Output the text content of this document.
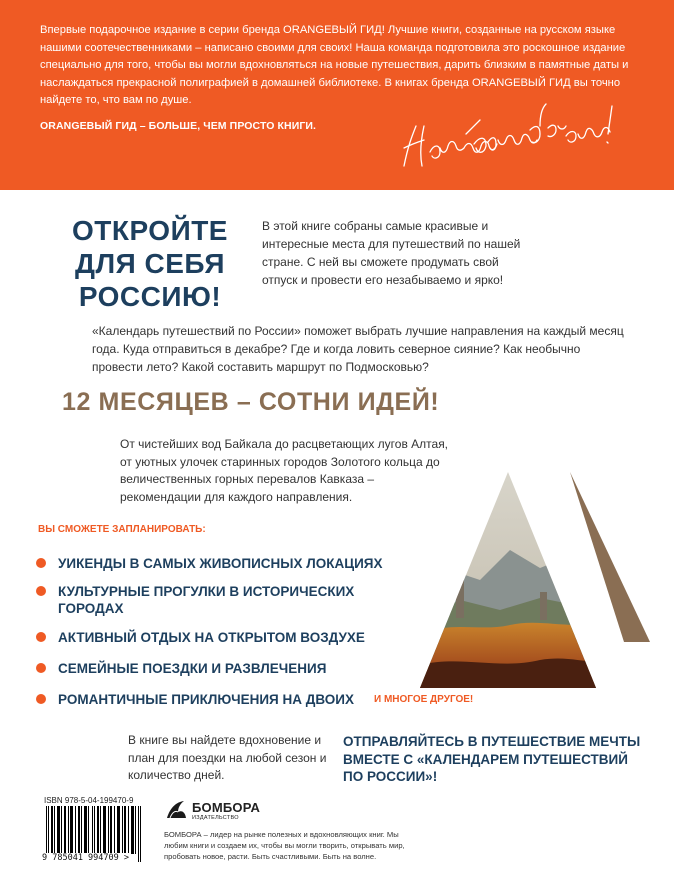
Впервые подарочное издание в серии бренда ORANGEВЫЙ ГИД! Лучшие книги, созданные на русском языке нашими соотечественниками – написано своими для своих! Наша команда подготовила это роскошное издание специально для того, чтобы вы могли вдохновляться на новые путешествия, дарить близким в памятные даты и наслаждаться прекрасной полиграфией в домашней библиотеке. В книгах бренда ORANGEВЫЙ ГИД вы точно найдете то, что вам по душе.

ORANGEВЫЙ ГИД – БОЛЬШЕ, ЧЕМ ПРОСТО КНИГИ.

ОТКРОЙТЕ
ДЛЯ СЕБЯ
РОССИЮ!

В этой книге собраны самые красивые и интересные места для путешествий по нашей стране. С ней вы сможете продумать свой отпуск и провести его незабываемо и ярко!

«Календарь путешествий по России» поможет выбрать лучшие направления на каждый месяц года. Куда отправиться в декабре? Где и когда ловить северное сияние? Как необычно провести лето? Какой составить маршрут по Подмосковью?

12 МЕСЯЦЕВ – СОТНИ ИДЕЙ!

От чистейших вод Байкала до расцветающих лугов Алтая, от уютных улочек старинных городов Золотого кольца до величественных горных перевалов Кавказа – рекомендации для каждого направления.

ВЫ СМОЖЕТЕ ЗАПЛАНИРОВАТЬ:
УИКЕНДЫ В САМЫХ ЖИВОПИСНЫХ ЛОКАЦИЯХ
КУЛЬТУРНЫЕ ПРОГУЛКИ В ИСТОРИЧЕСКИХ ГОРОДАХ
АКТИВНЫЙ ОТДЫХ НА ОТКРЫТОМ ВОЗДУХЕ
СЕМЕЙНЫЕ ПОЕЗДКИ И РАЗВЛЕЧЕНИЯ
РОМАНТИЧНЫЕ ПРИКЛЮЧЕНИЯ НА ДВОИХ И МНОГОЕ ДРУГОЕ!

В книге вы найдете вдохновение и план для поездки на любой сезон и количество дней.

ОТПРАВЛЯЙТЕСЬ В ПУТЕШЕСТВИЕ МЕЧТЫ ВМЕСТЕ С «КАЛЕНДАРЕМ ПУТЕШЕСТВИЙ ПО РОССИИ»!

ISBN 978-5-04-199470-9
9 785041 994709 >
БОМБОРА
ИЗДАТЕЛЬСТВО

БОМБОРА – лидер на рынке полезных и вдохновляющих книг. Мы любим книги и создаем их, чтобы вы могли творить, открывать мир, пробовать новое, расти. Быть счастливыми. Быть на волне.
